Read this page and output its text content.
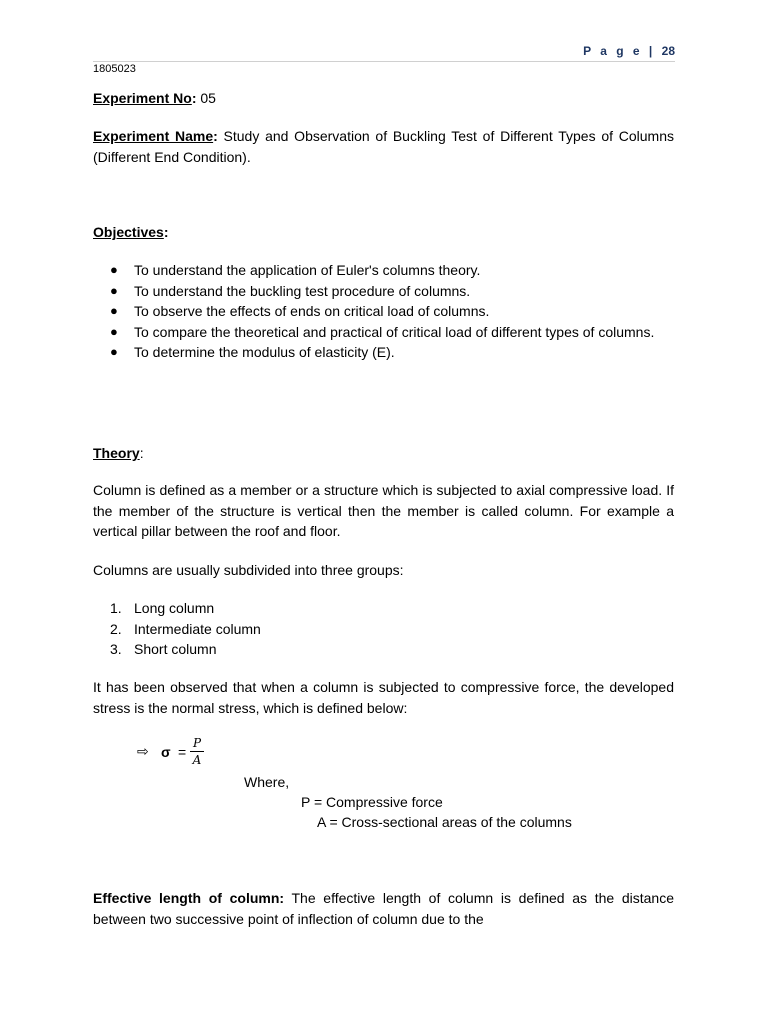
P a g e | 28
1805023
Experiment No: 05
Experiment Name: Study and Observation of Buckling Test of Different Types of Columns (Different End Condition).
Objectives:
● To understand the application of Euler's columns theory.
● To understand the buckling test procedure of columns.
● To observe the effects of ends on critical load of columns.
● To compare the theoretical and practical of critical load of different types of columns.
● To determine the modulus of elasticity (E).
Theory:
Column is defined as a member or a structure which is subjected to axial compressive load. If the member of the structure is vertical then the member is called column. For example a vertical pillar between the roof and floor.
Columns are usually subdivided into three groups:
1. Long column
2. Intermediate column
3. Short column
It has been observed that when a column is subjected to compressive force, the developed stress is the normal stress, which is defined below:
⇨ σ =
P
A
Where,
P = Compressive force
A = Cross-sectional areas of the columns
Effective length of column: The effective length of column is defined as the distance between two successive point of inflection of column due to the
